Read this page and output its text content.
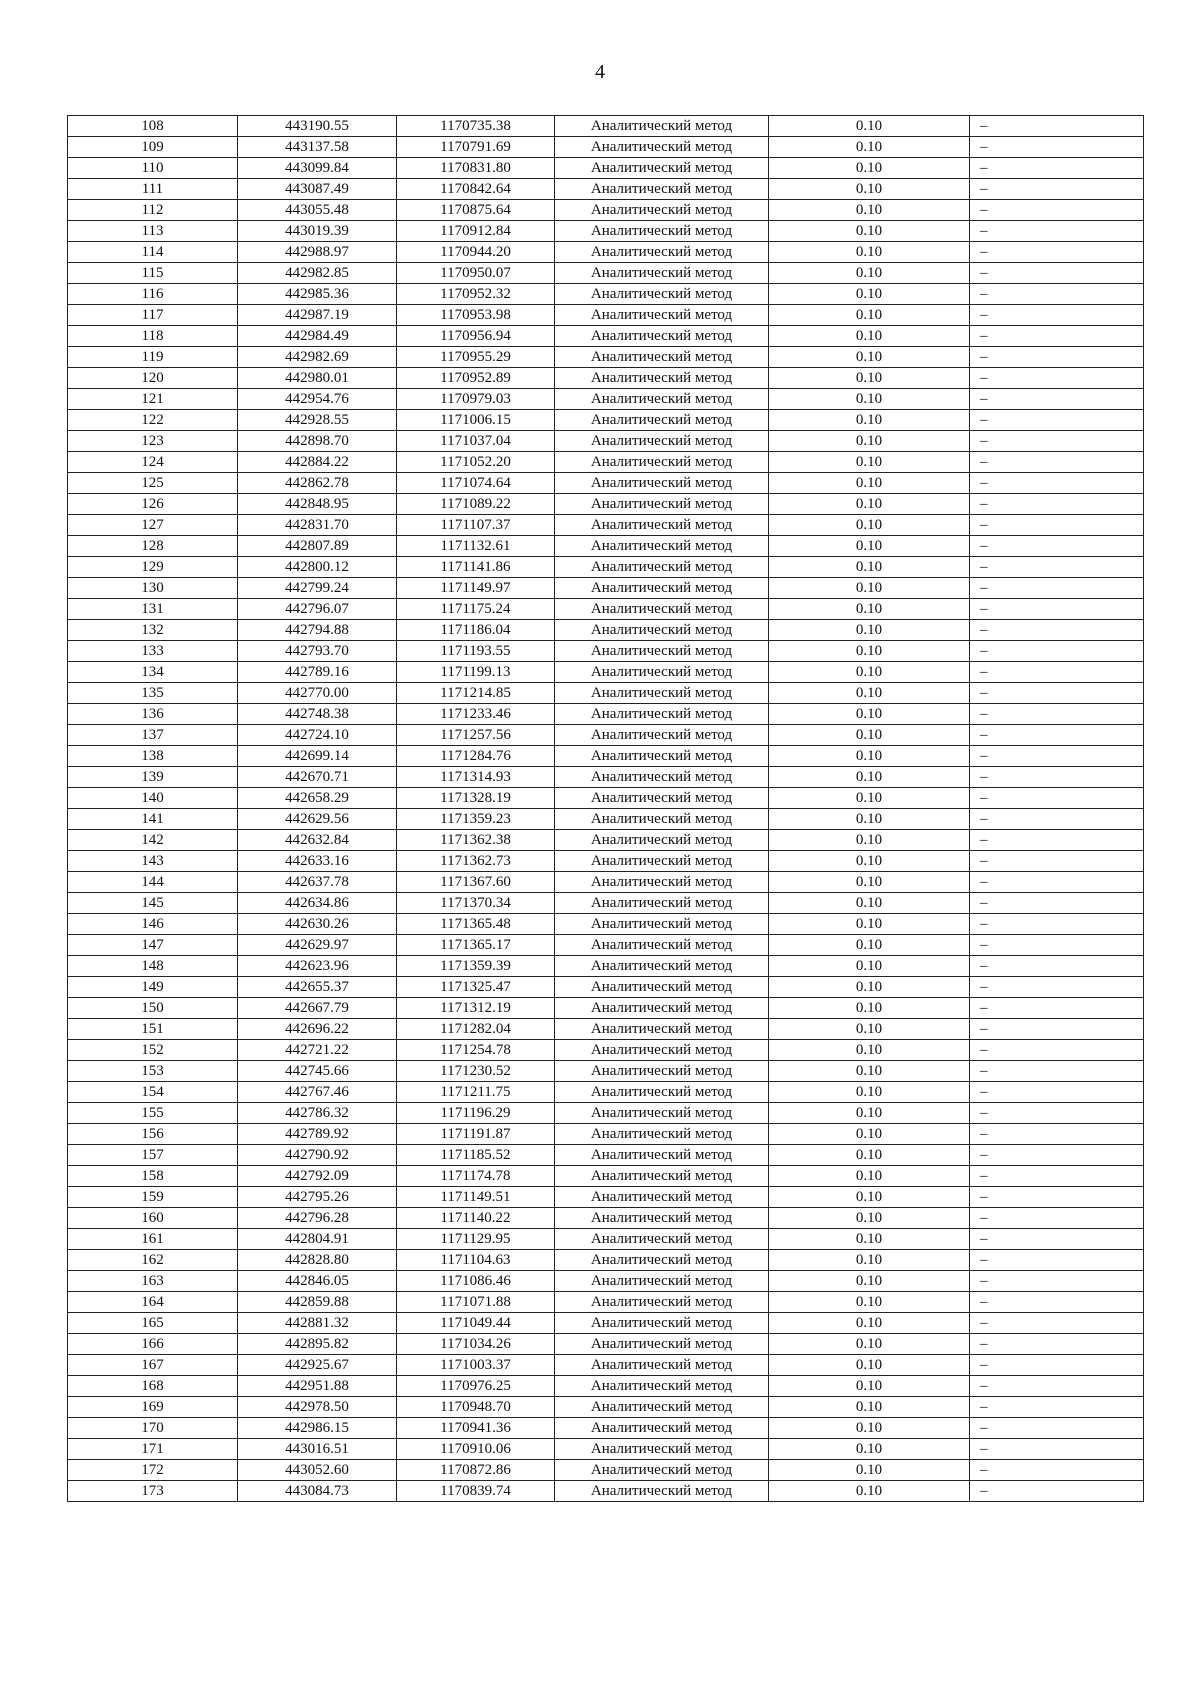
4
108	443190.55	1170735.38	Аналитический метод	0.10	–
109	443137.58	1170791.69	Аналитический метод	0.10	–
110	443099.84	1170831.80	Аналитический метод	0.10	–
111	443087.49	1170842.64	Аналитический метод	0.10	–
112	443055.48	1170875.64	Аналитический метод	0.10	–
113	443019.39	1170912.84	Аналитический метод	0.10	–
114	442988.97	1170944.20	Аналитический метод	0.10	–
115	442982.85	1170950.07	Аналитический метод	0.10	–
116	442985.36	1170952.32	Аналитический метод	0.10	–
117	442987.19	1170953.98	Аналитический метод	0.10	–
118	442984.49	1170956.94	Аналитический метод	0.10	–
119	442982.69	1170955.29	Аналитический метод	0.10	–
120	442980.01	1170952.89	Аналитический метод	0.10	–
121	442954.76	1170979.03	Аналитический метод	0.10	–
122	442928.55	1171006.15	Аналитический метод	0.10	–
123	442898.70	1171037.04	Аналитический метод	0.10	–
124	442884.22	1171052.20	Аналитический метод	0.10	–
125	442862.78	1171074.64	Аналитический метод	0.10	–
126	442848.95	1171089.22	Аналитический метод	0.10	–
127	442831.70	1171107.37	Аналитический метод	0.10	–
128	442807.89	1171132.61	Аналитический метод	0.10	–
129	442800.12	1171141.86	Аналитический метод	0.10	–
130	442799.24	1171149.97	Аналитический метод	0.10	–
131	442796.07	1171175.24	Аналитический метод	0.10	–
132	442794.88	1171186.04	Аналитический метод	0.10	–
133	442793.70	1171193.55	Аналитический метод	0.10	–
134	442789.16	1171199.13	Аналитический метод	0.10	–
135	442770.00	1171214.85	Аналитический метод	0.10	–
136	442748.38	1171233.46	Аналитический метод	0.10	–
137	442724.10	1171257.56	Аналитический метод	0.10	–
138	442699.14	1171284.76	Аналитический метод	0.10	–
139	442670.71	1171314.93	Аналитический метод	0.10	–
140	442658.29	1171328.19	Аналитический метод	0.10	–
141	442629.56	1171359.23	Аналитический метод	0.10	–
142	442632.84	1171362.38	Аналитический метод	0.10	–
143	442633.16	1171362.73	Аналитический метод	0.10	–
144	442637.78	1171367.60	Аналитический метод	0.10	–
145	442634.86	1171370.34	Аналитический метод	0.10	–
146	442630.26	1171365.48	Аналитический метод	0.10	–
147	442629.97	1171365.17	Аналитический метод	0.10	–
148	442623.96	1171359.39	Аналитический метод	0.10	–
149	442655.37	1171325.47	Аналитический метод	0.10	–
150	442667.79	1171312.19	Аналитический метод	0.10	–
151	442696.22	1171282.04	Аналитический метод	0.10	–
152	442721.22	1171254.78	Аналитический метод	0.10	–
153	442745.66	1171230.52	Аналитический метод	0.10	–
154	442767.46	1171211.75	Аналитический метод	0.10	–
155	442786.32	1171196.29	Аналитический метод	0.10	–
156	442789.92	1171191.87	Аналитический метод	0.10	–
157	442790.92	1171185.52	Аналитический метод	0.10	–
158	442792.09	1171174.78	Аналитический метод	0.10	–
159	442795.26	1171149.51	Аналитический метод	0.10	–
160	442796.28	1171140.22	Аналитический метод	0.10	–
161	442804.91	1171129.95	Аналитический метод	0.10	–
162	442828.80	1171104.63	Аналитический метод	0.10	–
163	442846.05	1171086.46	Аналитический метод	0.10	–
164	442859.88	1171071.88	Аналитический метод	0.10	–
165	442881.32	1171049.44	Аналитический метод	0.10	–
166	442895.82	1171034.26	Аналитический метод	0.10	–
167	442925.67	1171003.37	Аналитический метод	0.10	–
168	442951.88	1170976.25	Аналитический метод	0.10	–
169	442978.50	1170948.70	Аналитический метод	0.10	–
170	442986.15	1170941.36	Аналитический метод	0.10	–
171	443016.51	1170910.06	Аналитический метод	0.10	–
172	443052.60	1170872.86	Аналитический метод	0.10	–
173	443084.73	1170839.74	Аналитический метод	0.10	–
